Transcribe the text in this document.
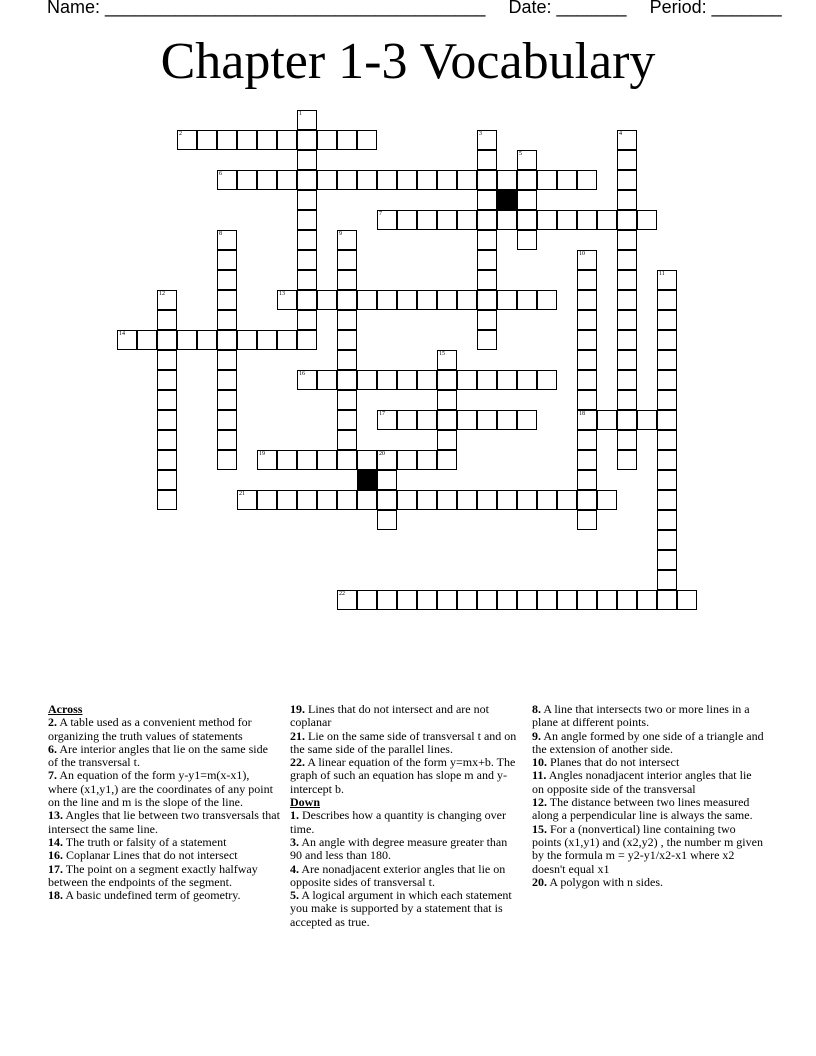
Name: ______________________________________ Date: _______ Period: _______
Chapter 1-3 Vocabulary
2
6
7
13
14
16
17	18
19	20
21
22
1
3	4
5
8	9
10
11
12
15
Across
2. A table used as a convenient method for organizing the truth values of statements
6. Are interior angles that lie on the same side of the transversal t.
7. An equation of the form y-y1=m(x-x1), where (x1,y1,) are the coordinates of any point on the line and m is the slope of the line.
13. Angles that lie between two transversals that intersect the same line.
14. The truth or falsity of a statement
16. Coplanar Lines that do not intersect
17. The point on a segment exactly halfway between the endpoints of the segment.
18. A basic undefined term of geometry.
19. Lines that do not intersect and are not coplanar
21. Lie on the same side of transversal t and on the same side of the parallel lines.
22. A linear equation of the form y=mx+b. The graph of such an equation has slope m and y-intercept b.
Down
1. Describes how a quantity is changing over time.
3. An angle with degree measure greater than 90 and less than 180.
4. Are nonadjacent exterior angles that lie on opposite sides of transversal t.
5. A logical argument in which each statement you make is supported by a statement that is accepted as true.
8. A line that intersects two or more lines in a plane at different points.
9. An angle formed by one side of a triangle and the extension of another side.
10. Planes that do not intersect
11. Angles nonadjacent interior angles that lie on opposite side of the transversal
12. The distance between two lines measured along a perpendicular line is always the same.
15. For a (nonvertical) line containing two points (x1,y1) and (x2,y2) , the number m given by the formula m = y2-y1/x2-x1 where x2 doesn't equal x1
20. A polygon with n sides.
